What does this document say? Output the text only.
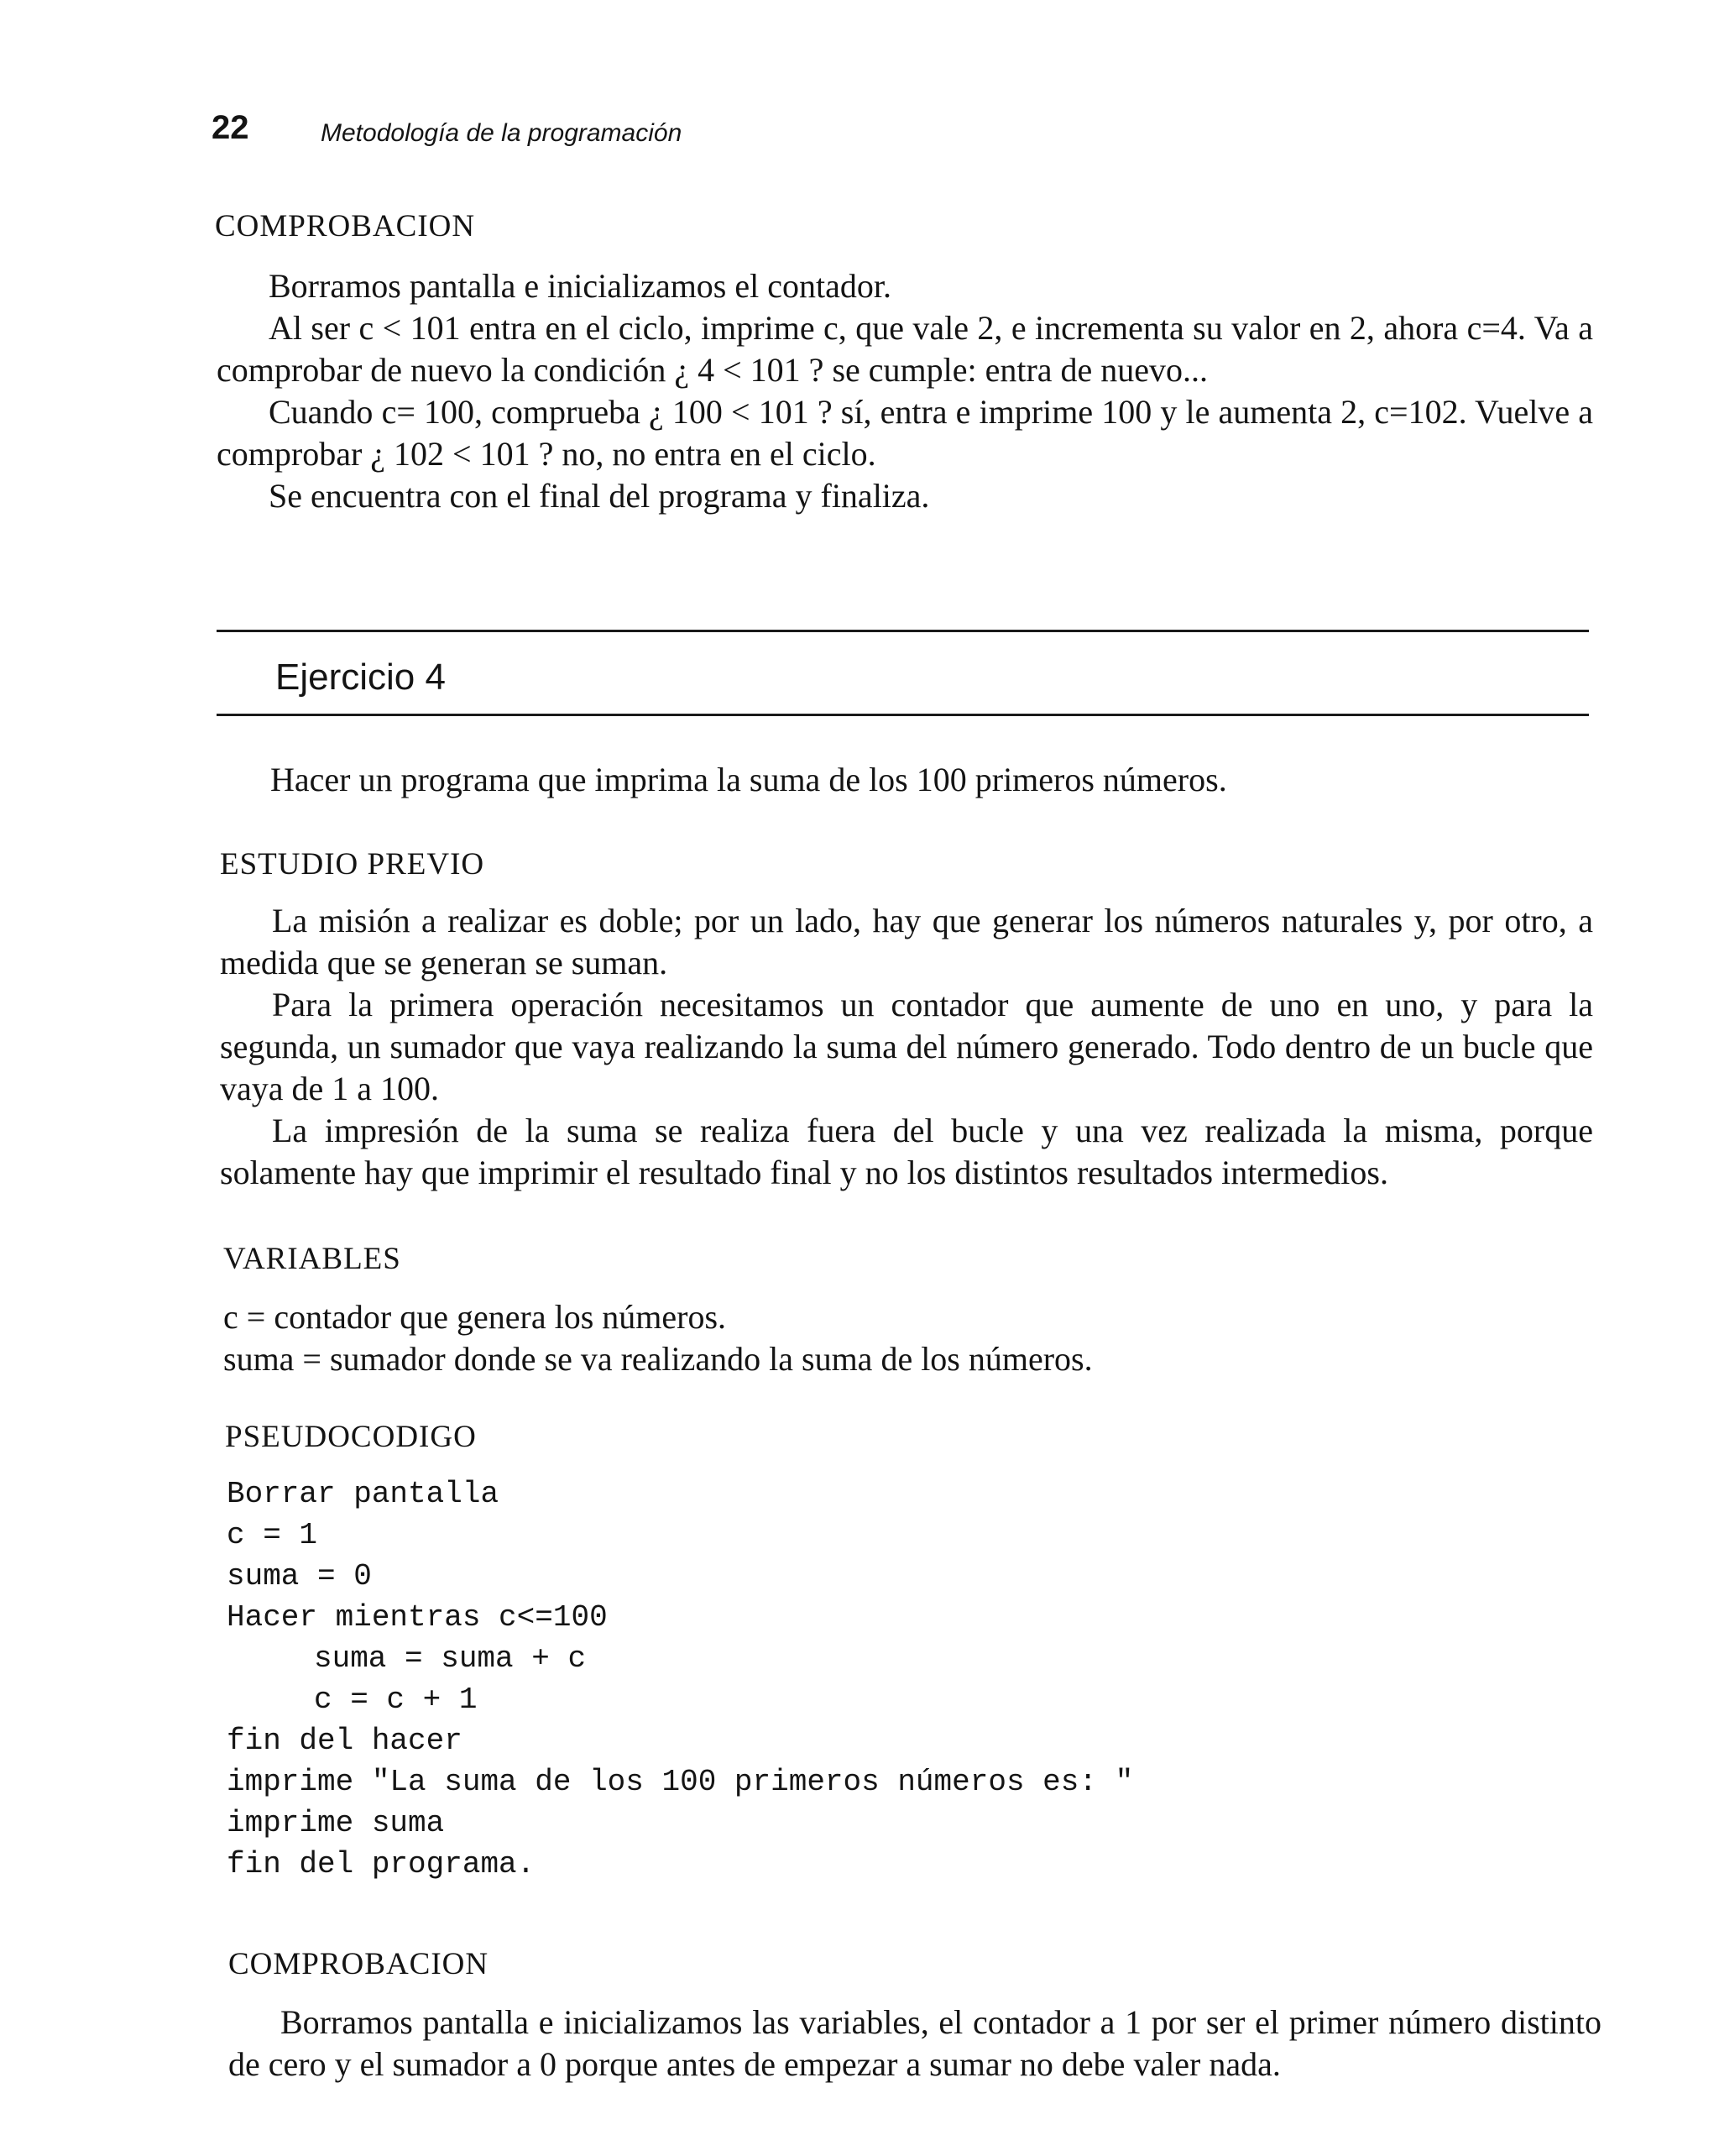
22	Metodología de la programación
COMPROBACION

Borramos pantalla e inicializamos el contador.

Al ser c < 101 entra en el ciclo, imprime c, que vale 2, e incrementa su valor en 2, ahora c=4. Va a comprobar de nuevo la condición ¿ 4 < 101 ? se cumple: entra de nuevo...

Cuando c= 100, comprueba ¿ 100 < 101 ? sí, entra e imprime 100 y le aumenta 2, c=102. Vuelve a comprobar ¿ 102 < 101 ? no, no entra en el ciclo.

Se encuentra con el final del programa y finaliza.

Ejercicio 4
Hacer un programa que imprima la suma de los 100 primeros números.
ESTUDIO PREVIO

La misión a realizar es doble; por un lado, hay que generar los números naturales y, por otro, a medida que se generan se suman.

Para la primera operación necesitamos un contador que aumente de uno en uno, y para la segunda, un sumador que vaya realizando la suma del número generado. Todo dentro de un bucle que vaya de 1 a 100.

La impresión de la suma se realiza fuera del bucle y una vez realizada la misma, porque solamente hay que imprimir el resultado final y no los distintos resultados intermedios.

VARIABLES

c = contador que genera los números.

suma = sumador donde se va realizando la suma de los números.

PSEUDOCODIGO
Borrar pantalla
c = 1
suma = 0
Hacer mientras c<=100
suma = suma + c
c = c + 1
fin del hacer
imprime "La suma de los 100 primeros números es: "
imprime suma
fin del programa.
COMPROBACION

Borramos pantalla e inicializamos las variables, el contador a 1 por ser el primer número distinto de cero y el sumador a 0 porque antes de empezar a sumar no debe valer nada.
